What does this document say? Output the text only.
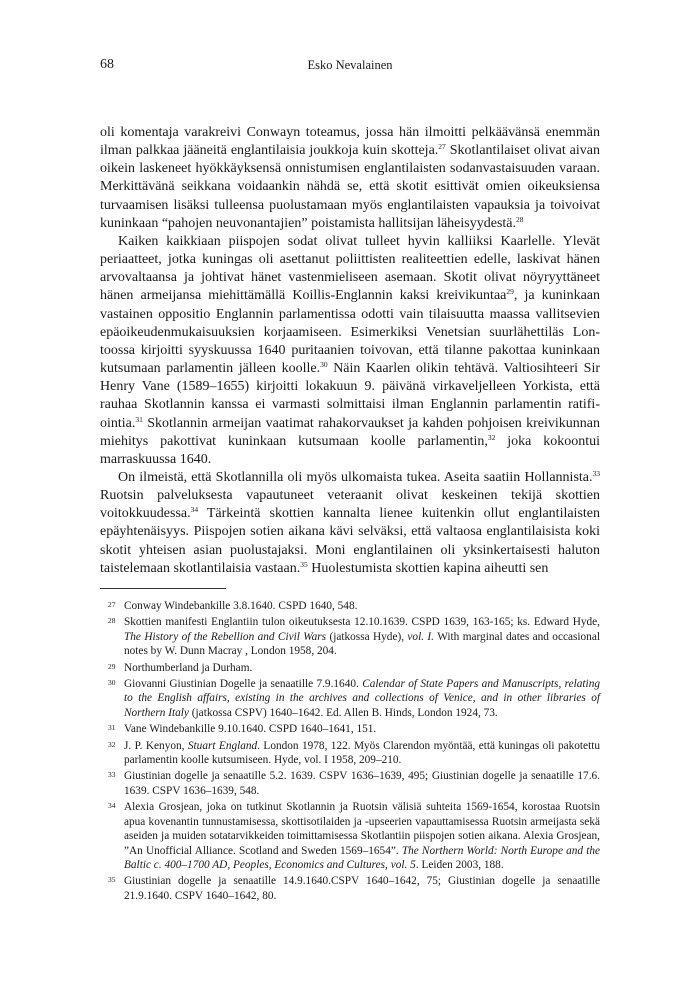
68	Esko Nevalainen

oli komentaja varakreivi Conwayn toteamus, jossa hän ilmoitti pelkäävänsä enemmän ilman palkkaa jääneitä englantilaisia joukkoja kuin skotteja.$^{27}$ Skotlantilaiset olivat aivan oikein laskeneet hyökkäyksensä onnistumisen englantilaisten sodanvastaisuuden varaan. Merkittävänä seikkana voidaankin nähdä se, että skotit esittivät omien oikeuksiensa turvaamisen lisäksi tulleensa puolustamaan myös englantilaisten vapauksia ja toivoivat kuninkaan “pahojen neuvonantajien” poistamista hallitsijan läheisyydestä.$^{28}$

Kaiken kaikkiaan piispojen sodat olivat tulleet hyvin kalliiksi Kaarlelle. Ylevät periaatteet, jotka kuningas oli asettanut poliittisten realiteettien edelle, laskivat hänen arvovaltaansa ja johtivat hänet vastenmieliseen asemaan. Skotit olivat nöyryyttäneet hänen armeijansa miehittämällä Koillis-Englannin kaksi kreivikuntaa$^{29}$, ja kuninkaan vastainen oppositio Englannin parlamentissa odotti vain tilaisuutta maassa vallitsevien epäoikeudenmukaisuuksien korjaamiseen. Esimerkiksi Venetsian suurlähettiläs Lontoossa kirjoitti syyskuussa 1640 puritaanien toivovan, että tilanne pakottaa kuninkaan kutsumaan parlamentin jälleen koolle.$^{30}$ Näin Kaarlen olikin tehtävä. Valtiosihteeri Sir Henry Vane (1589–1655) kirjoitti lokakuun 9. päivänä virkaveljelleen Yorkista, että rauhaa Skotlannin kanssa ei varmasti solmittaisi ilman Englannin parlamentin ratifiointia.$^{31}$ Skotlannin armeijan vaatimat rahakorvaukset ja kahden pohjoisen kreivikunnan miehitys pakottivat kuninkaan kutsumaan koolle parlamentin,$^{32}$ joka kokoontui marraskuussa 1640.

On ilmeistä, että Skotlannilla oli myös ulkomaista tukea. Aseita saatiin Hollannista.$^{33}$ Ruotsin palveluksesta vapautuneet veteraanit olivat keskeinen tekijä skottien voitokkuudessa.$^{34}$ Tärkeintä skottien kannalta lienee kuitenkin ollut englantilaisten epäyhtenäisyys. Piispojen sotien aikana kävi selväksi, että valtaosa englantilaisista koki skotit yhteisen asian puolustajaksi. Moni englantilainen oli yksinkertaisesti haluton taistelemaan skotlantilaisia vastaan.$^{35}$ Huolestumista skottien kapina aiheutti sen

27 Conway Windebankille 3.8.1640. CSPD 1640, 548.
28 Skottien manifesti Englantiin tulon oikeutuksesta 12.10.1639. CSPD 1639, 163-165; ks. Edward Hyde, The History of the Rebellion and Civil Wars (jatkossa Hyde), vol. I. With marginal dates and occasional notes by W. Dunn Macray , London 1958, 204.
29 Northumberland ja Durham.
30 Giovanni Giustinian Dogelle ja senaatille 7.9.1640. Calendar of State Papers and Manuscripts, relating to the English affairs, existing in the archives and collections of Venice, and in other libraries of Northern Italy (jatkossa CSPV) 1640–1642. Ed. Allen B. Hinds, London 1924, 73.
31 Vane Windebankille 9.10.1640. CSPD 1640–1641, 151.
32 J. P. Kenyon, Stuart England. London 1978, 122. Myös Clarendon myöntää, että kuningas oli pakotettu parlamentin koolle kutsumiseen. Hyde, vol. I 1958, 209–210.
33 Giustinian dogelle ja senaatille 5.2. 1639. CSPV 1636–1639, 495; Giustinian dogelle ja senaatille 17.6. 1639. CSPV 1636–1639, 548.
34 Alexia Grosjean, joka on tutkinut Skotlannin ja Ruotsin välisiä suhteita 1569-1654, korostaa Ruotsin apua kovenantin tunnustamisessa, skottisotilaiden ja -upseerien vapauttamisessa Ruotsin armeijasta sekä aseiden ja muiden sotatarvikkeiden toimittamisessa Skotlantiin piispojen sotien aikana. Alexia Grosjean, ”An Unofficial Alliance. Scotland and Sweden 1569–1654”. The Northern World: North Europe and the Baltic c. 400–1700 AD, Peoples, Economics and Cultures, vol. 5. Leiden 2003, 188.
35 Giustinian dogelle ja senaatille 14.9.1640.CSPV 1640–1642, 75; Giustinian dogelle ja senaatille 21.9.1640. CSPV 1640–1642, 80.
